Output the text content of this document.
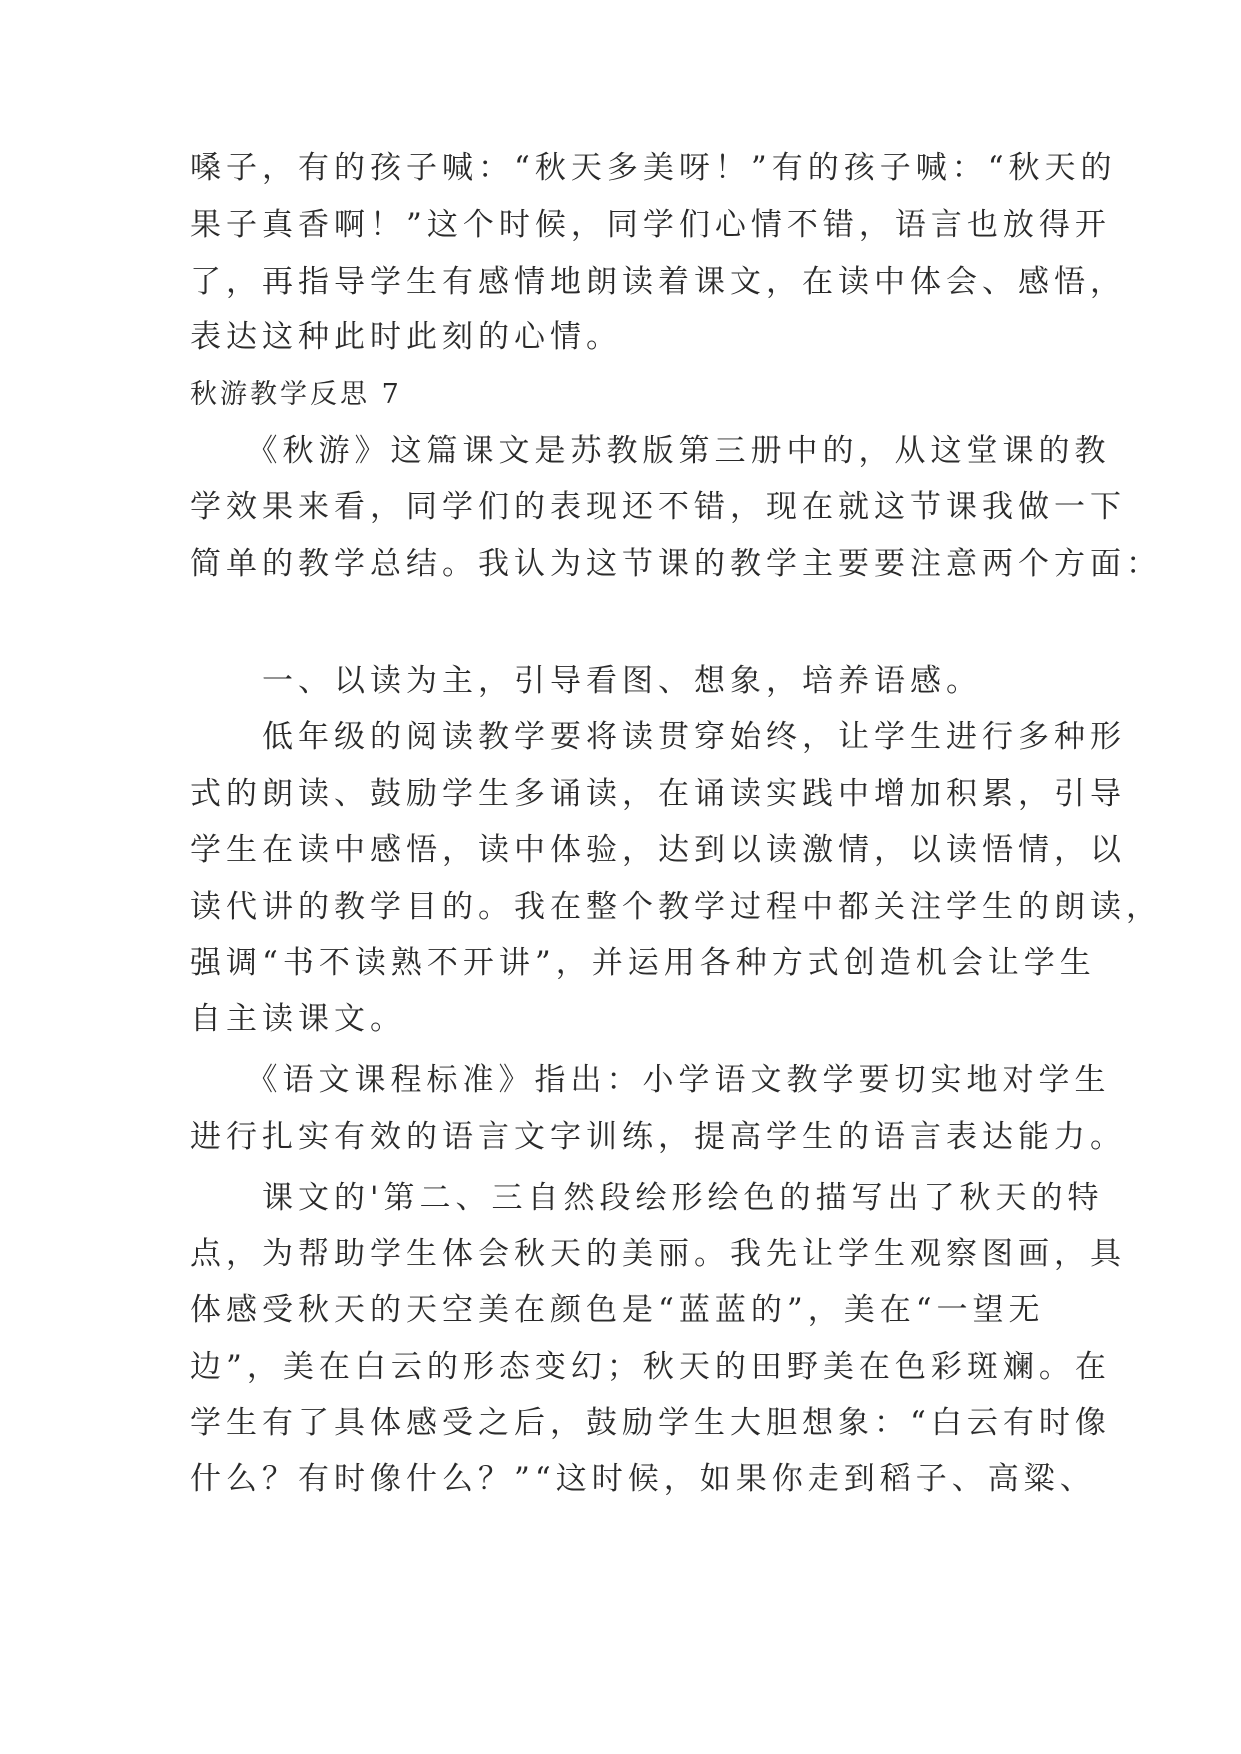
嗓子，有的孩子喊：“秋天多美呀！”有的孩子喊：“秋天的

果子真香啊！”这个时候，同学们心情不错，语言也放得开

了，再指导学生有感情地朗读着课文，在读中体会、感悟，

表达这种此时此刻的心情。

秋游教学反思 7

　　《秋游》这篇课文是苏教版第三册中的，从这堂课的教

学效果来看，同学们的表现还不错，现在就这节课我做一下

简单的教学总结。我认为这节课的教学主要要注意两个方面：

　　一、以读为主，引导看图、想象，培养语感。

　　低年级的阅读教学要将读贯穿始终，让学生进行多种形

式的朗读、鼓励学生多诵读，在诵读实践中增加积累，引导

学生在读中感悟，读中体验，达到以读激情，以读悟情，以

读代讲的教学目的。我在整个教学过程中都关注学生的朗读，

强调“书不读熟不开讲”，并运用各种方式创造机会让学生

自主读课文。

　　《语文课程标准》指出：小学语文教学要切实地对学生

进行扎实有效的语言文字训练，提高学生的语言表达能力。

　　课文的'第二、三自然段绘形绘色的描写出了秋天的特

点，为帮助学生体会秋天的美丽。我先让学生观察图画，具

体感受秋天的天空美在颜色是“蓝蓝的”，美在“一望无

边”，美在白云的形态变幻；秋天的田野美在色彩斑斓。在

学生有了具体感受之后，鼓励学生大胆想象：“白云有时像

什么？有时像什么？”“这时候，如果你走到稻子、高粱、
